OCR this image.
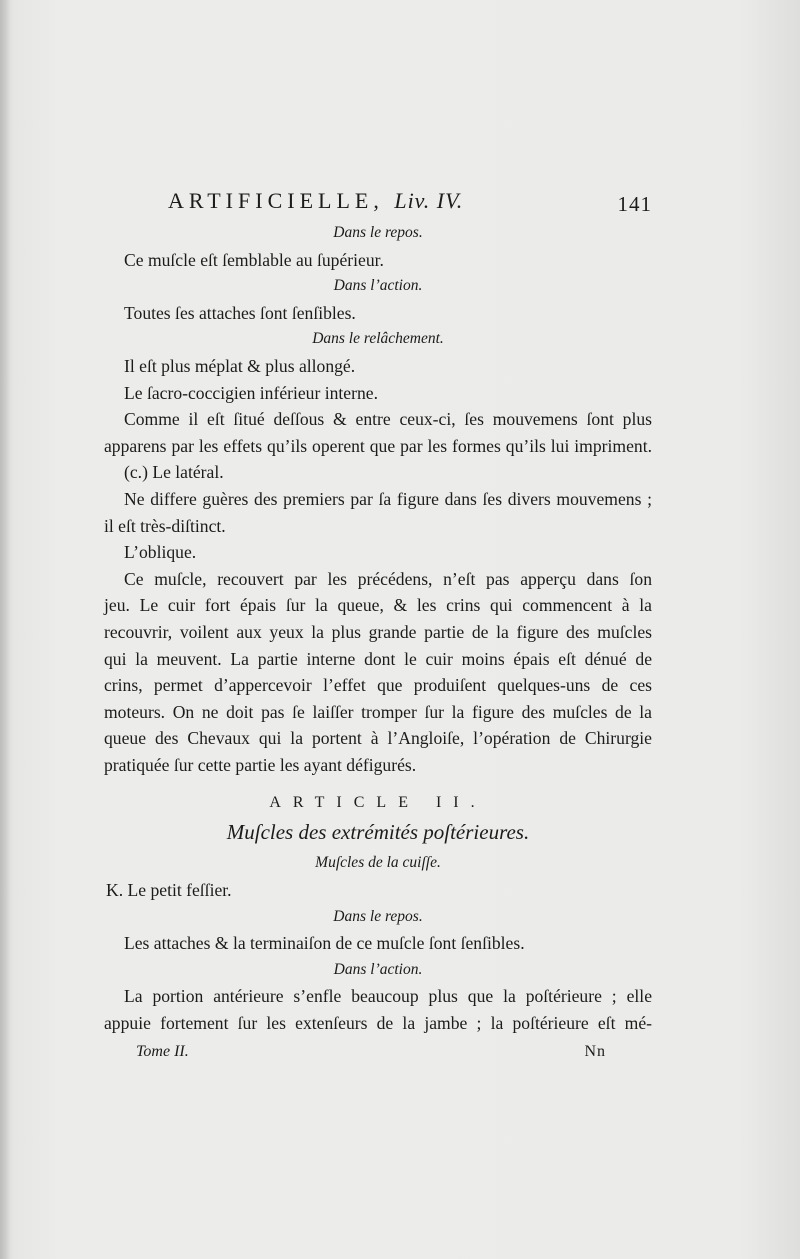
ARTIFICIELLE, Liv. IV.	141
Dans le repos.
Ce muſcle eſt ſemblable au ſupérieur.
Dans l’action.
Toutes ſes attaches ſont ſenſibles.
Dans le relâchement.
Il eſt plus méplat & plus allongé.
Le ſacro-coccigien inférieur interne.
Comme il eſt ſitué deſſous & entre ceux-ci, ſes mouvemens ſont plus
apparens par les effets qu’ils operent que par les formes qu’ils lui impriment.
(c.) Le latéral.
Ne differe guères des premiers par ſa figure dans ſes divers mouvemens ;
il eſt très-diſtinct.
L’oblique.
Ce muſcle, recouvert par les précédens, n’eſt pas apperçu dans ſon
jeu. Le cuir fort épais ſur la queue, & les crins qui commencent à la
recouvrir, voilent aux yeux la plus grande partie de la figure des muſcles
qui la meuvent. La partie interne dont le cuir moins épais eſt dénué de
crins, permet d’appercevoir l’effet que produiſent quelques-uns de ces
moteurs. On ne doit pas ſe laiſſer tromper ſur la figure des muſcles de la
queue des Chevaux qui la portent à l’Angloiſe, l’opération de Chirurgie
pratiquée ſur cette partie les ayant défigurés.
ARTICLE II.
Muſcles des extrémités poſtérieures.
Muſcles de la cuiſſe.
K. Le petit feſſier.
Dans le repos.
Les attaches & la terminaiſon de ce muſcle ſont ſenſibles.
Dans l’action.
La portion antérieure s’enfle beaucoup plus que la poſtérieure ; elle
appuie fortement ſur les extenſeurs de la jambe ; la poſtérieure eſt mé-
Tome II.	Nn
